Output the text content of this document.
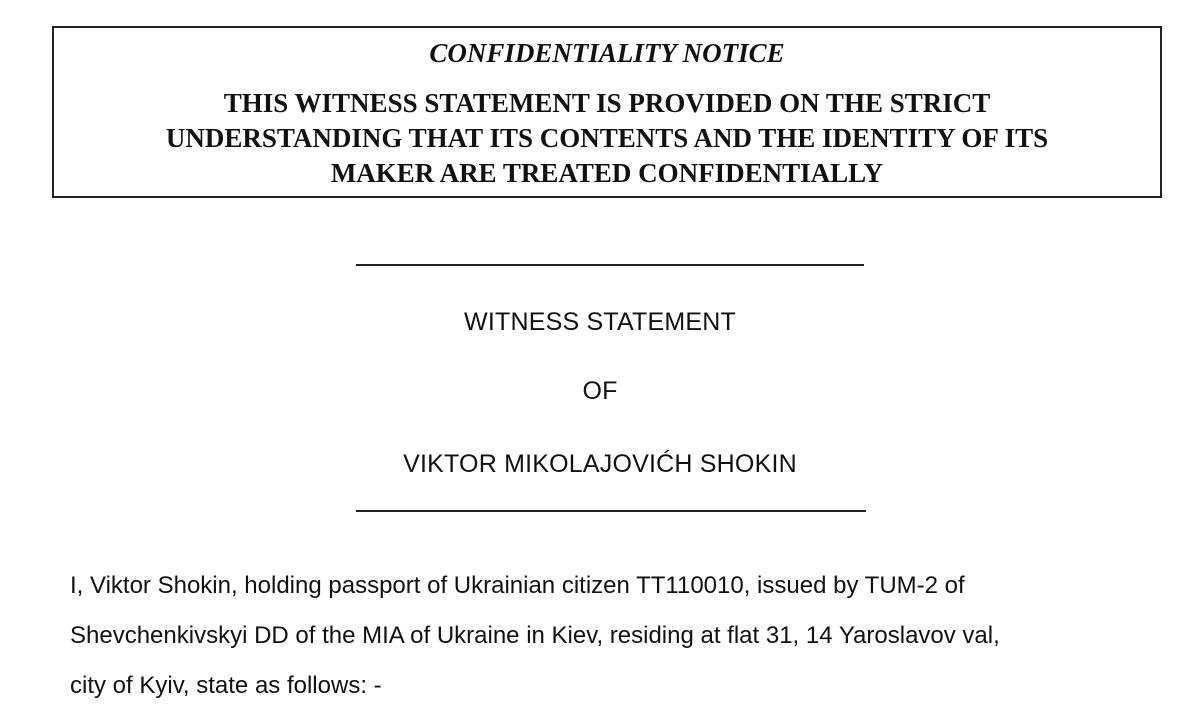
CONFIDENTIALITY NOTICE
THIS WITNESS STATEMENT IS PROVIDED ON THE STRICT
UNDERSTANDING THAT ITS CONTENTS AND THE IDENTITY OF ITS
MAKER ARE TREATED CONFIDENTIALLY
WITNESS STATEMENT
OF
VIKTOR MIKOLAJOVIĆH SHOKIN
I, Viktor Shokin, holding passport of Ukrainian citizen TT110010, issued by TUM-2 of
Shevchenkivskyi DD of the MIA of Ukraine in Kiev, residing at flat 31, 14 Yaroslavov val,
city of Kyiv, state as follows: -
